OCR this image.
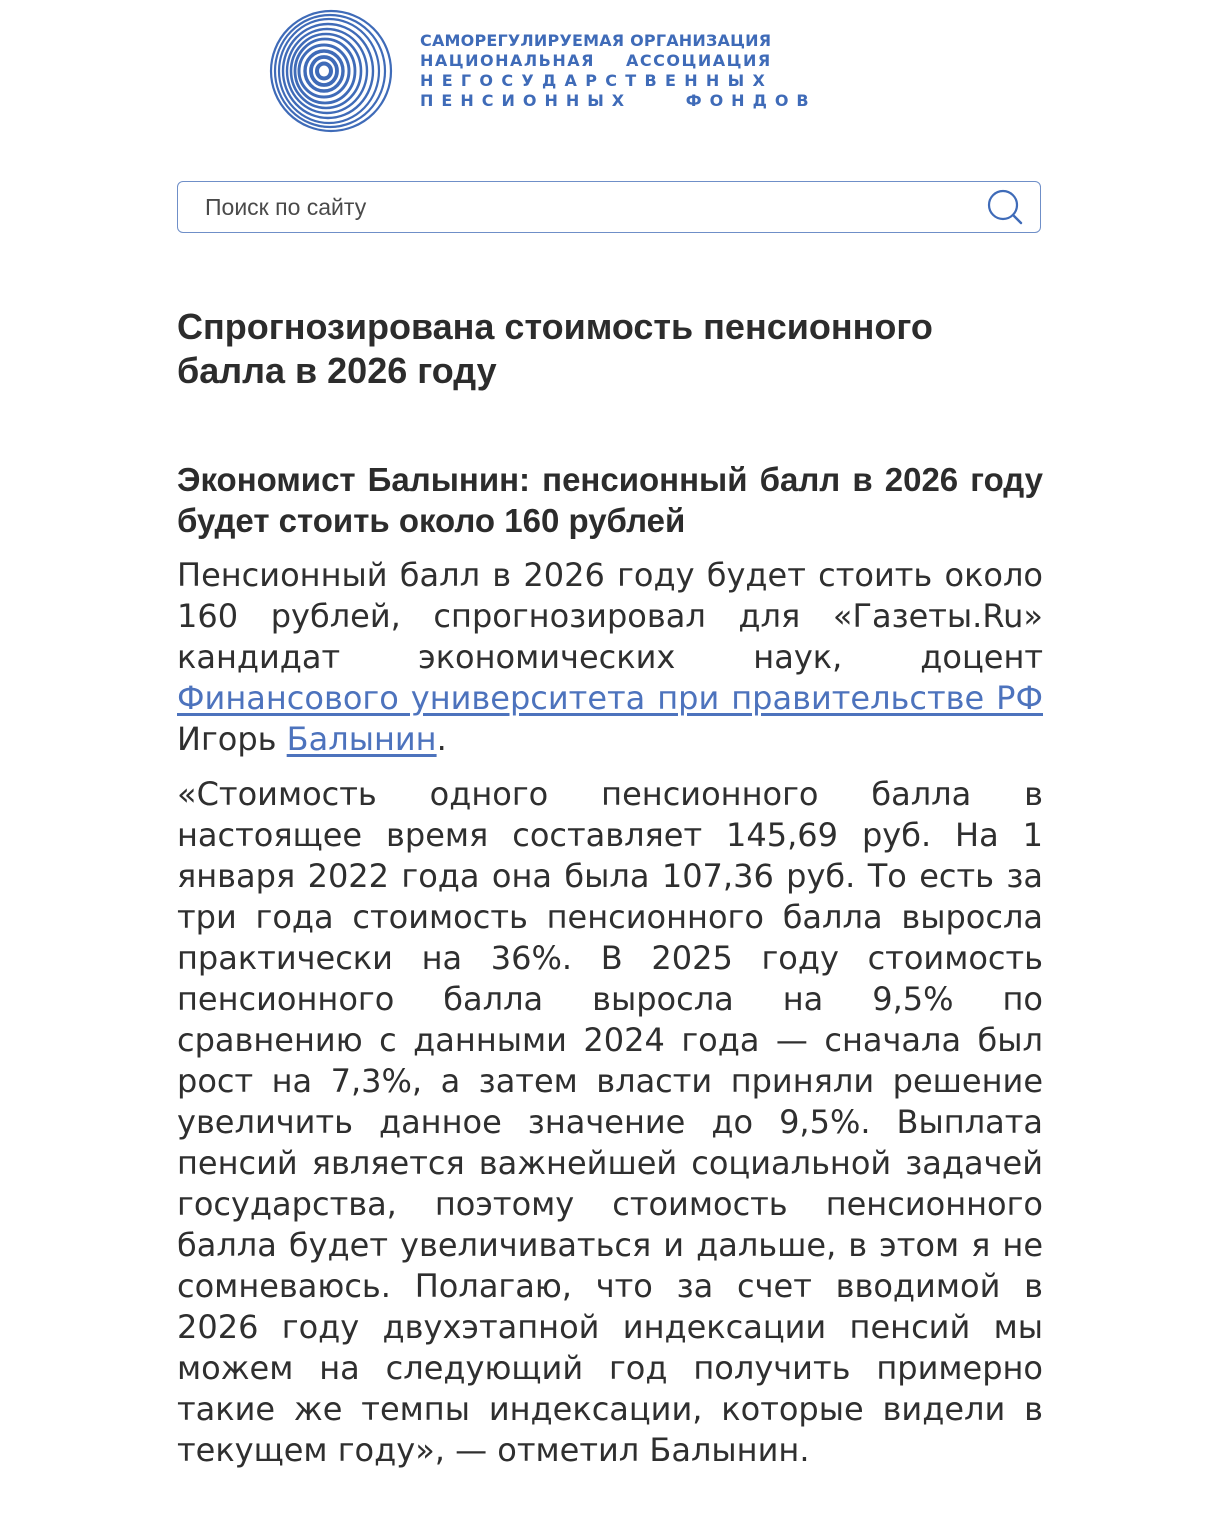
САМОРЕГУЛИРУЕМАЯ ОРГАНИЗАЦИЯ
НАЦИОНАЛЬНАЯ АССОЦИАЦИЯ
НЕГОСУДАРСТВЕННЫХ
ПЕНСИОННЫХ ФОНДОВ
Поиск по сайту
Спрогнозирована стоимость пенсионного балла в 2026 году
Экономист Балынин: пенсионный балл в 2026 году будет стоить около 160 рублей

Пенсионный балл в 2026 году будет стоить около 160 рублей, спрогнозировал для «Газеты.Ru» кандидат экономических наук, доцент Финансового университета при правительстве РФ Игорь Балынин.

«Стоимость одного пенсионного балла в настоящее время составляет 145,69 руб. На 1 января 2022 года она была 107,36 руб. То есть за три года стоимость пенсионного балла выросла практически на 36%. В 2025 году стоимость пенсионного балла выросла на 9,5% по сравнению с данными 2024 года — сначала был рост на 7,3%, а затем власти приняли решение увеличить данное значение до 9,5%. Выплата пенсий является важнейшей социальной задачей государства, поэтому стоимость пенсионного балла будет увеличиваться и дальше, в этом я не сомневаюсь. Полагаю, что за счет вводимой в 2026 году двухэтапной индексации пенсий мы можем на следующий год получить примерно такие же темпы индексации, которые видели в текущем году», — отметил Балынин.
